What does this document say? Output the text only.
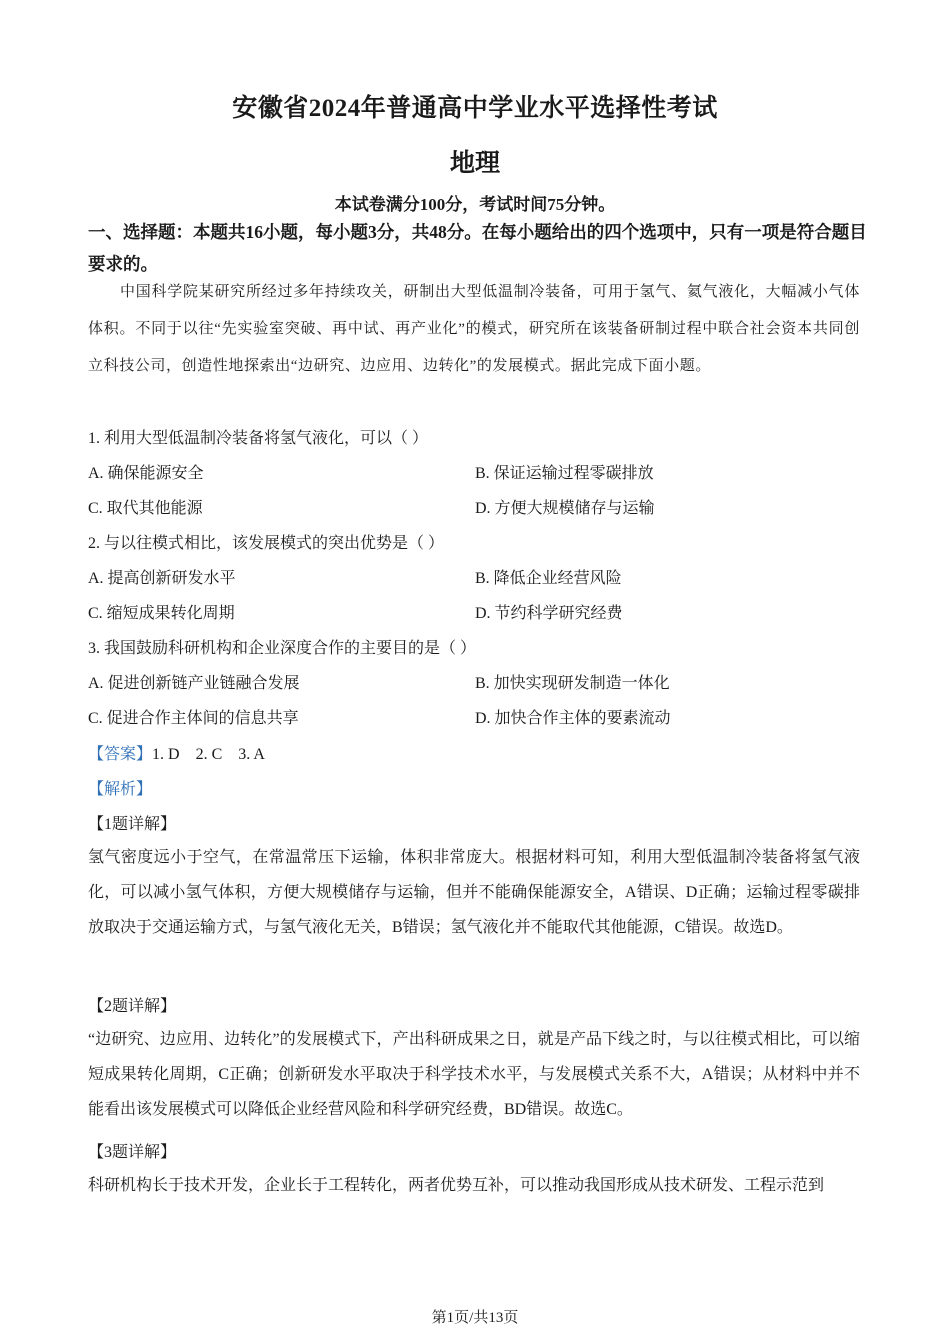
安徽省2024年普通高中学业水平选择性考试
地理
本试卷满分100分，考试时间75分钟。
一、选择题：本题共16小题，每小题3分，共48分。在每小题给出的四个选项中，只有一项是符合题目要求的。
中国科学院某研究所经过多年持续攻关，研制出大型低温制冷装备，可用于氢气、氦气液化，大幅减小气体体积。不同于以往“先实验室突破、再中试、再产业化”的模式，研究所在该装备研制过程中联合社会资本共同创立科技公司，创造性地探索出“边研究、边应用、边转化”的发展模式。据此完成下面小题。
1. 利用大型低温制冷装备将氢气液化，可以（ ）
A. 确保能源安全	B. 保证运输过程零碳排放
C. 取代其他能源	D. 方便大规模储存与运输
2. 与以往模式相比，该发展模式的突出优势是（ ）
A. 提高创新研发水平	B. 降低企业经营风险
C. 缩短成果转化周期	D. 节约科学研究经费
3. 我国鼓励科研机构和企业深度合作的主要目的是（ ）
A. 促进创新链产业链融合发展	B. 加快实现研发制造一体化
C. 促进合作主体间的信息共享	D. 加快合作主体的要素流动
【答案】1. D    2. C    3. A
【解析】
【1题详解】
氢气密度远小于空气，在常温常压下运输，体积非常庞大。根据材料可知，利用大型低温制冷装备将氢气液化，可以减小氢气体积，方便大规模储存与运输，但并不能确保能源安全，A错误、D正确；运输过程零碳排放取决于交通运输方式，与氢气液化无关，B错误；氢气液化并不能取代其他能源，C错误。故选D。
【2题详解】
“边研究、边应用、边转化”的发展模式下，产出科研成果之日，就是产品下线之时，与以往模式相比，可以缩短成果转化周期，C正确；创新研发水平取决于科学技术水平，与发展模式关系不大，A错误；从材料中并不能看出该发展模式可以降低企业经营风险和科学研究经费，BD错误。故选C。
【3题详解】
科研机构长于技术开发，企业长于工程转化，两者优势互补，可以推动我国形成从技术研发、工程示范到
第1页/共13页
